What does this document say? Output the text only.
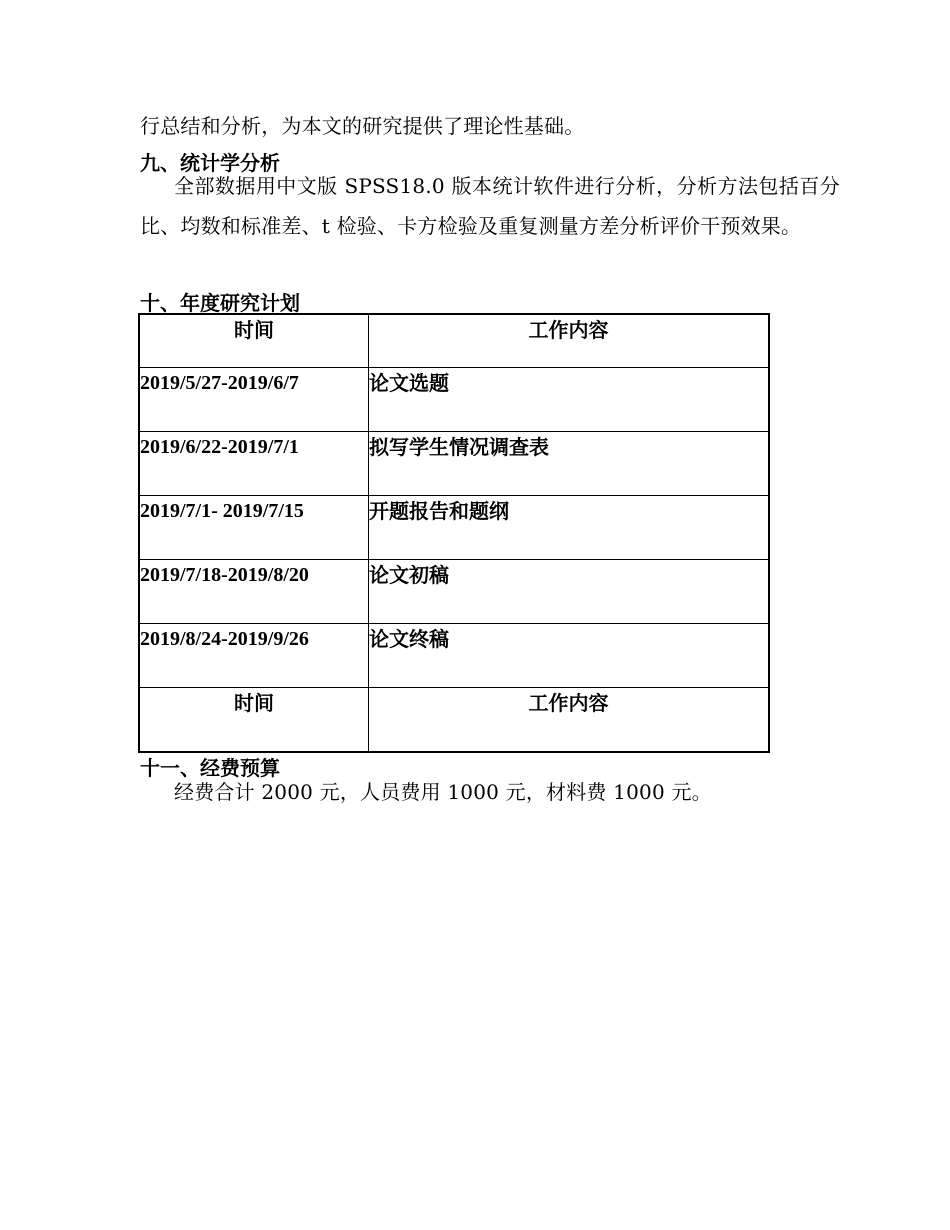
行总结和分析，为本文的研究提供了理论性基础。

九、统计学分析

全部数据用中文版 SPSS18.0 版本统计软件进行分析，分析方法包括百分比、均数和标准差、t 检验、卡方检验及重复测量方差分析评价干预效果。

十、年度研究计划
时间	工作内容
2019/5/27-2019/6/7	论文选题
2019/6/22-2019/7/1	拟写学生情况调查表
2019/7/1- 2019/7/15	开题报告和题纲
2019/7/18-2019/8/20	论文初稿
2019/8/24-2019/9/26	论文终稿
时间	工作内容
十一、经费预算

经费合计 2000 元，人员费用 1000 元，材料费 1000 元。
